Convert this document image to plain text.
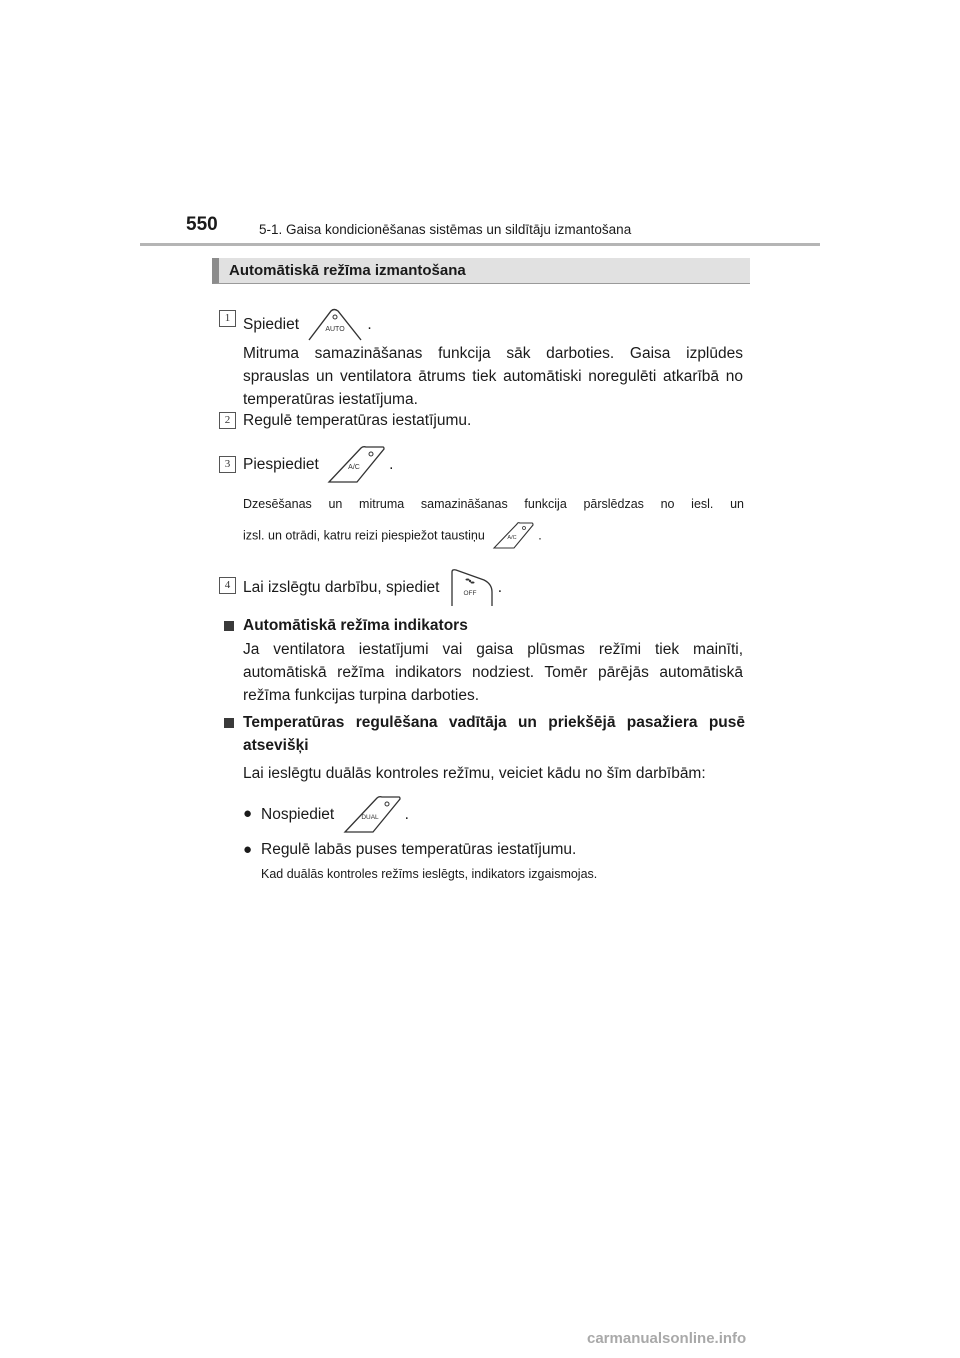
550	5-1. Gaisa kondicionēšanas sistēmas un sildītāju izmantošana
Automātiskā režīma izmantošana
1 Spiediet	AUTO .
Mitruma samazināšanas funkcija sāk darboties. Gaisa izplūdes sprauslas un ventilatora ātrums tiek automātiski noregulēti atkarībā no temperatūras iestatījuma.
2 Regulē temperatūras iestatījumu.
3 Piespiediet	A/C .
Dzesēšanas un mitruma samazināšanas funkcija pārslēdzas no iesl. un
izsl. un otrādi, katru reizi piespiežot taustiņu	A/C .
4 Lai izslēgtu darbību, spiediet	OFF .
Automātiskā režīma indikators
Ja ventilatora iestatījumi vai gaisa plūsmas režīmi tiek mainīti, automātiskā režīma indikators nodziest. Tomēr pārējās automātiskā režīma funkcijas turpina darboties.
Temperatūras regulēšana vadītāja un priekšējā pasažiera pusē
atsevišķi
Lai ieslēgtu duālās kontroles režīmu, veiciet kādu no šīm darbībām:
● Nospiediet	DUAL .
● Regulē labās puses temperatūras iestatījumu.
Kad duālās kontroles režīms ieslēgts, indikators izgaismojas.
carmanualsonline.info
